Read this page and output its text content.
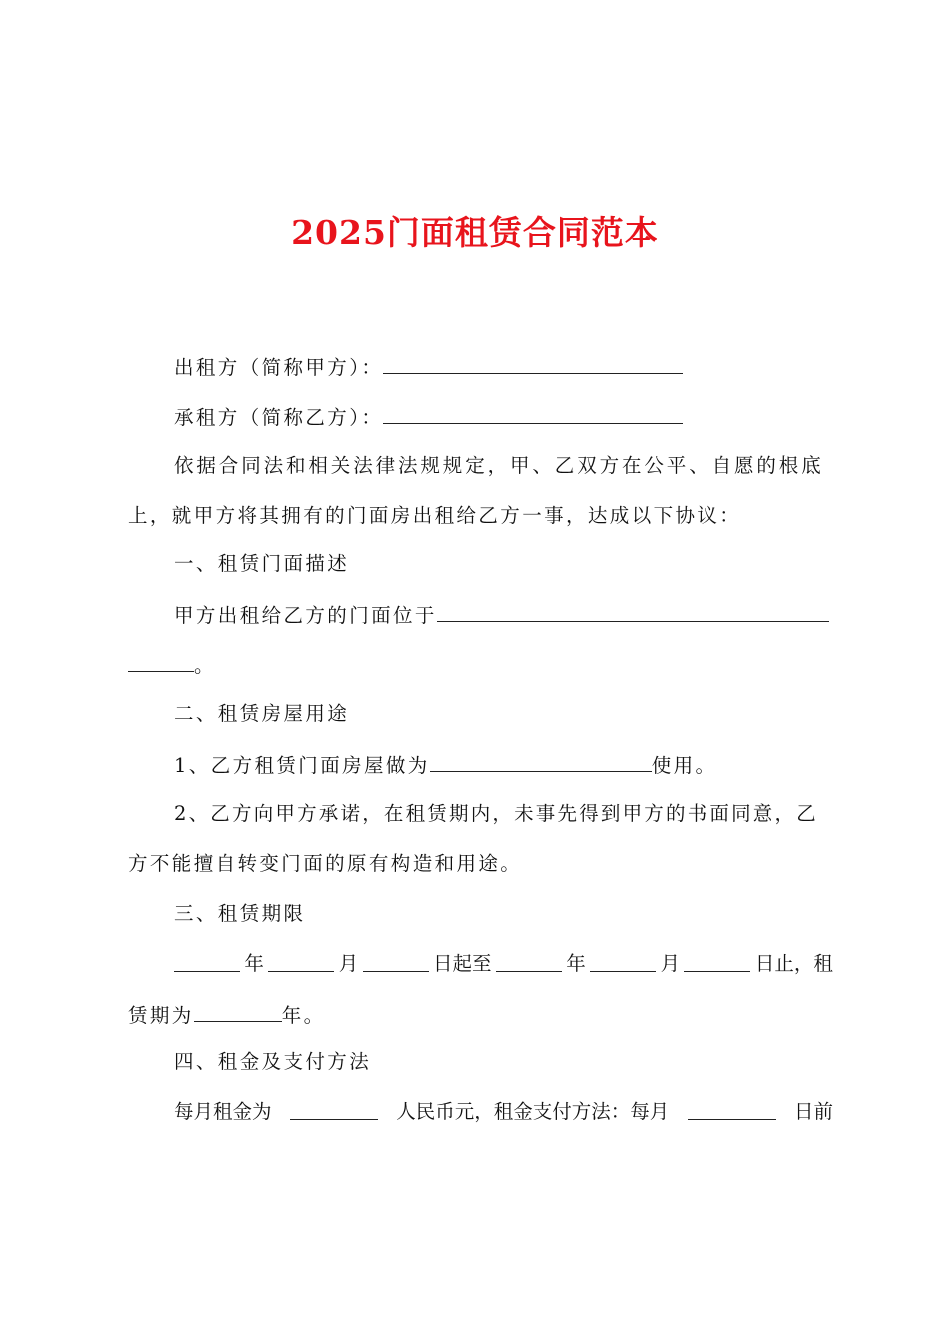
2025门面租赁合同范本
出租方（简称甲方）：
承租方（简称乙方）：
依据合同法和相关法律法规规定，甲、乙双方在公平、自愿的根底
上，就甲方将其拥有的门面房出租给乙方一事，达成以下协议：
一、租赁门面描述
甲方出租给乙方的门面位于
。
二、租赁房屋用途
1、乙方租赁门面房屋做为	使用。
2、乙方向甲方承诺，在租赁期内，未事先得到甲方的书面同意，乙
方不能擅自转变门面的原有构造和用途。
三、租赁期限
年	月	日起至	年	月	日止，租
赁期为	年。
四、租金及支付方法
每月租金为	人民币元，租金支付方法：每月	日前
